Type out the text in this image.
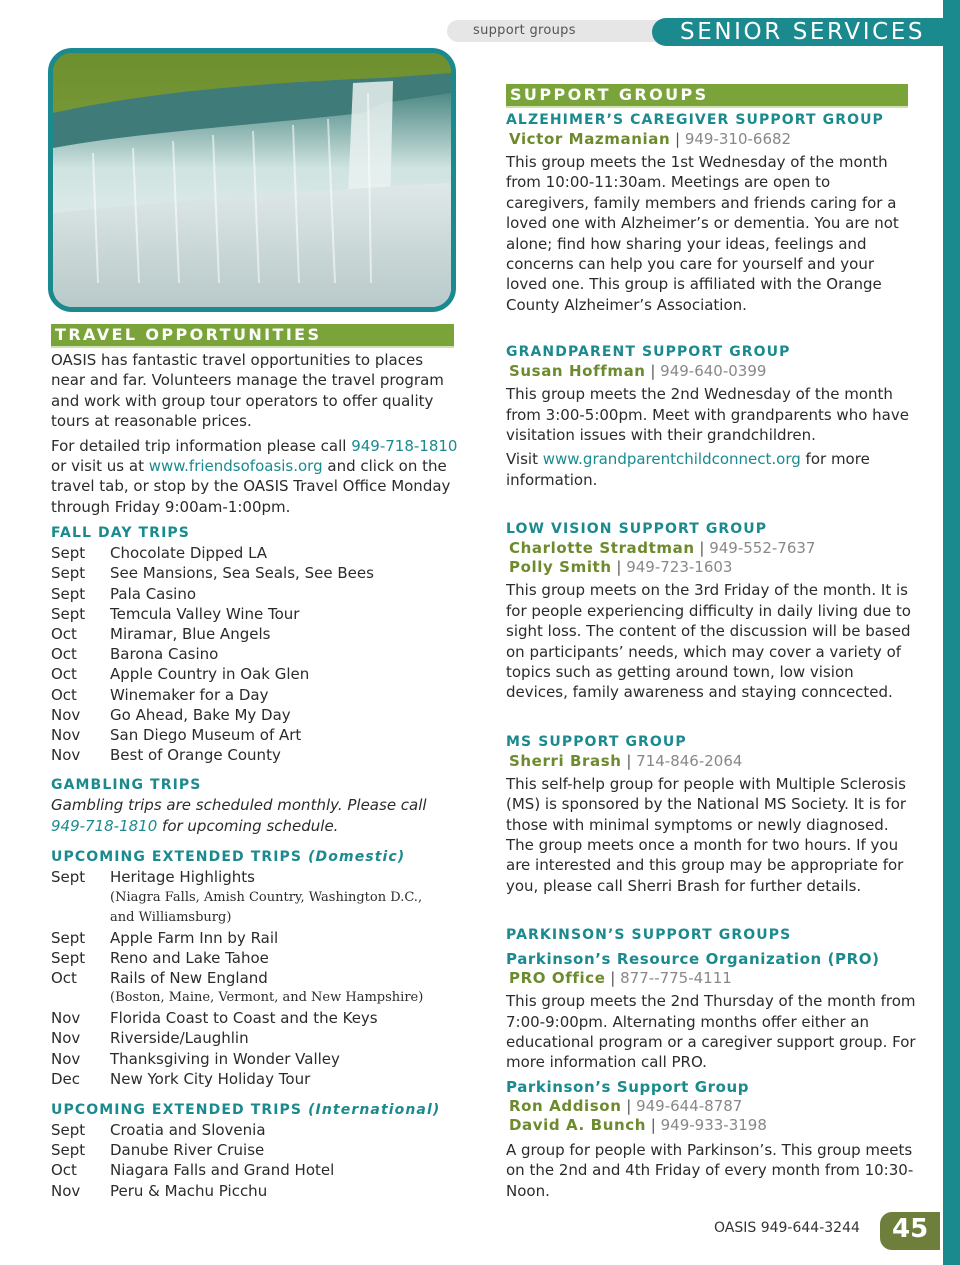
support groups	SENIOR SERVICES
TRAVEL OPPORTUNITIES

OASIS has fantastic travel opportunities to places near and far. Volunteers manage the travel program and work with group tour operators to offer quality tours at reasonable prices.

For detailed trip information please call 949-718-1810 or visit us at www.friendsofoasis.org and click on the travel tab, or stop by the OASIS Travel Office Monday through Friday 9:00am-1:00pm.

FALL DAY TRIPS
Sept	Chocolate Dipped LA
Sept	See Mansions, Sea Seals, See Bees
Sept	Pala Casino
Sept	Temcula Valley Wine Tour
Oct	Miramar, Blue Angels
Oct	Barona Casino
Oct	Apple Country in Oak Glen
Oct	Winemaker for a Day
Nov	Go Ahead, Bake My Day
Nov	San Diego Museum of Art
Nov	Best of Orange County
GAMBLING TRIPS

Gambling trips are scheduled monthly. Please call 949-718-1810 for upcoming schedule.

UPCOMING EXTENDED TRIPS (Domestic)
Sept	Heritage Highlights
(Niagra Falls, Amish Country, Washington D.C.,
and Williamsburg)
Sept	Apple Farm Inn by Rail
Sept	Reno and Lake Tahoe
Oct	Rails of New England
(Boston, Maine, Vermont, and New Hampshire)
Nov	Florida Coast to Coast and the Keys
Nov	Riverside/Laughlin
Nov	Thanksgiving in Wonder Valley
Dec	New York City Holiday Tour
UPCOMING EXTENDED TRIPS (International)
Sept	Croatia and Slovenia
Sept	Danube River Cruise
Oct	Niagara Falls and Grand Hotel
Nov	Peru & Machu Picchu
SUPPORT GROUPS
ALZEHIMER’S CAREGIVER SUPPORT GROUP
Victor Mazmanian | 949-310-6682

This group meets the 1st Wednesday of the month from 10:00-11:30am. Meetings are open to caregivers, family members and friends caring for a loved one with Alzheimer’s or dementia. You are not alone; find how sharing your ideas, feelings and concerns can help you care for yourself and your loved one. This group is affiliated with the Orange County Alzheimer’s Association.

GRANDPARENT SUPPORT GROUP
Susan Hoffman | 949-640-0399

This group meets the 2nd Wednesday of the month from 3:00-5:00pm. Meet with grandparents who have visitation issues with their grandchildren.

Visit www.grandparentchildconnect.org for more information.

LOW VISION SUPPORT GROUP
Charlotte Stradtman | 949-552-7637
Polly Smith | 949-723-1603

This group meets on the 3rd Friday of the month. It is for people experiencing difficulty in daily living due to sight loss. The content of the discussion will be based on participants’ needs, which may cover a variety of topics such as getting around town, low vision devices, family awareness and staying conncected.

MS SUPPORT GROUP
Sherri Brash | 714-846-2064

This self-help group for people with Multiple Sclerosis (MS) is sponsored by the National MS Society. It is for those with minimal symptoms or newly diagnosed. The group meets once a month for two hours. If you are interested and this group may be appropriate for you, please call Sherri Brash for further details.

PARKINSON’S SUPPORT GROUPS
Parkinson’s Resource Organization (PRO)
PRO Office | 877--775-4111

This group meets the 2nd Thursday of the month from 7:00-9:00pm. Alternating months offer either an educational program or a caregiver support group. For more information call PRO.

Parkinson’s Support Group
Ron Addison | 949-644-8787
David A. Bunch | 949-933-3198

A group for people with Parkinson’s. This group meets on the 2nd and 4th Friday of every month from 10:30-Noon.

OASIS 949-644-3244 45
